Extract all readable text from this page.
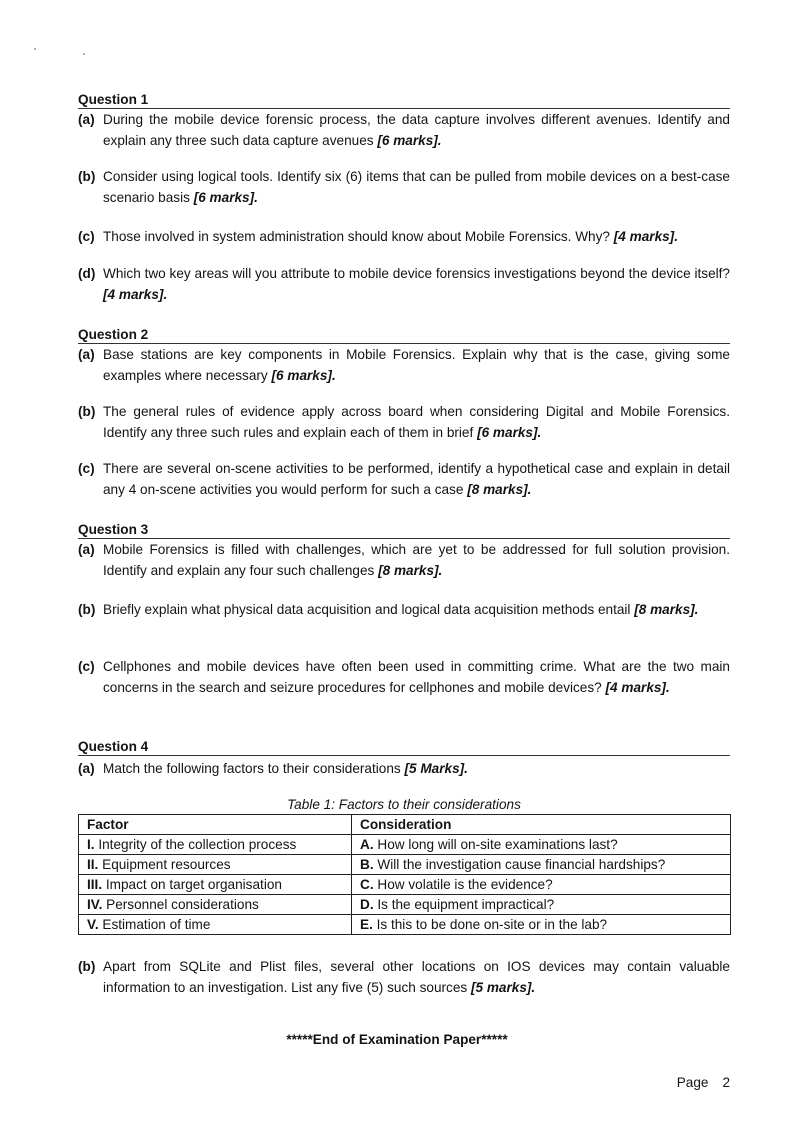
Question 1
(a) During the mobile device forensic process, the data capture involves different avenues. Identify and explain any three such data capture avenues [6 marks].
(b) Consider using logical tools. Identify six (6) items that can be pulled from mobile devices on a best-case scenario basis [6 marks].
(c) Those involved in system administration should know about Mobile Forensics. Why? [4 marks].
(d) Which two key areas will you attribute to mobile device forensics investigations beyond the device itself? [4 marks].
Question 2
(a) Base stations are key components in Mobile Forensics. Explain why that is the case, giving some examples where necessary [6 marks].
(b) The general rules of evidence apply across board when considering Digital and Mobile Forensics. Identify any three such rules and explain each of them in brief [6 marks].
(c) There are several on-scene activities to be performed, identify a hypothetical case and explain in detail any 4 on-scene activities you would perform for such a case [8 marks].
Question 3
(a) Mobile Forensics is filled with challenges, which are yet to be addressed for full solution provision. Identify and explain any four such challenges [8 marks].
(b) Briefly explain what physical data acquisition and logical data acquisition methods entail [8 marks].
(c) Cellphones and mobile devices have often been used in committing crime. What are the two main concerns in the search and seizure procedures for cellphones and mobile devices? [4 marks].
Question 4
(a) Match the following factors to their considerations [5 Marks].
Table 1: Factors to their considerations
Factor	Consideration
I. Integrity of the collection process	A. How long will on-site examinations last?
II. Equipment resources	B. Will the investigation cause financial hardships?
III. Impact on target organisation	C. How volatile is the evidence?
IV. Personnel considerations	D. Is the equipment impractical?
V. Estimation of time	E. Is this to be done on-site or in the lab?
(b) Apart from SQLite and Plist files, several other locations on IOS devices may contain valuable information to an investigation. List any five (5) such sources [5 marks].
*****End of Examination Paper*****
Page 2
